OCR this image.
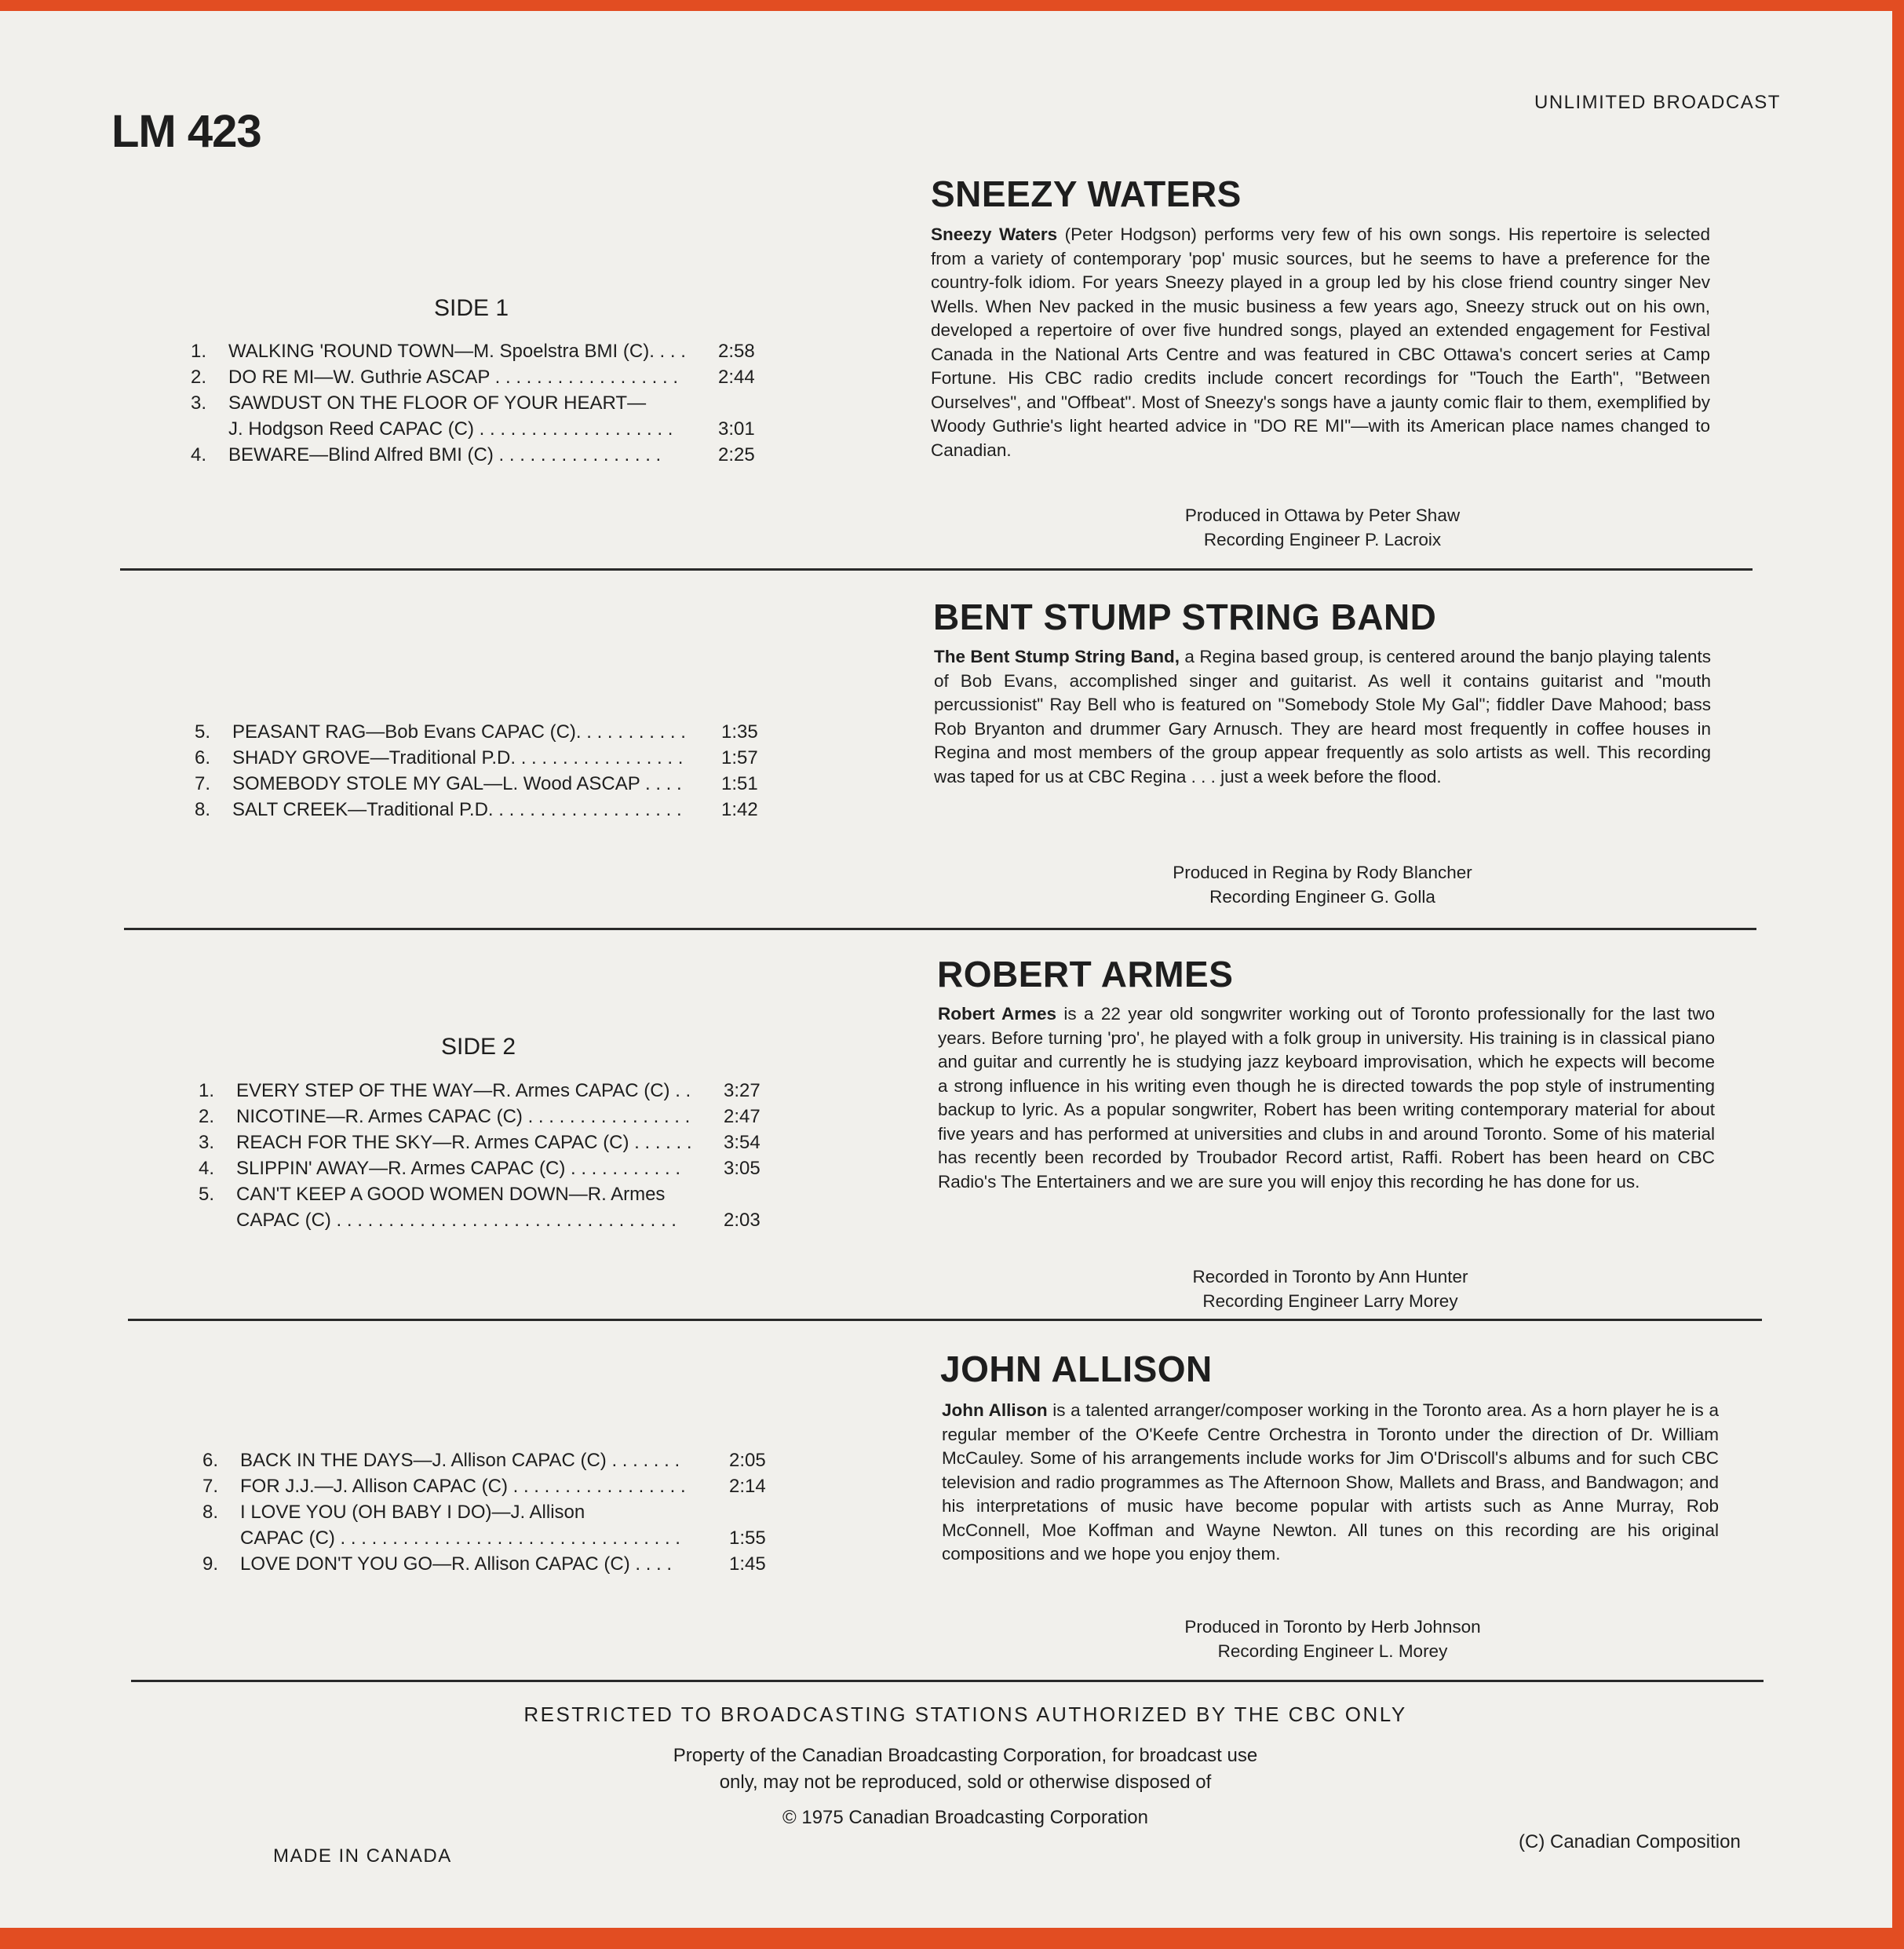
LM 423
UNLIMITED BROADCAST
SIDE 1
1. WALKING 'ROUND TOWN—M. Spoelstra BMI (C). . . . 2:58
2. DO RE MI—W. Guthrie ASCAP . . . . . . . . . . . . . . . . . . 2:44
3. SAWDUST ON THE FLOOR OF YOUR HEART—
J. Hodgson Reed CAPAC (C) . . . . . . . . . . . . . . . . . . . 3:01
4. BEWARE—Blind Alfred BMI (C) . . . . . . . . . . . . . . . .	2:25
5. PEASANT RAG—Bob Evans CAPAC (C). . . . . . . . . . . 1:35
6. SHADY GROVE—Traditional P.D. . . . . . . . . . . . . . . . . 1:57
7. SOMEBODY STOLE MY GAL—L. Wood ASCAP . . . . 1:51
8. SALT CREEK—Traditional P.D. . . . . . . . . . . . . . . . . . . 1:42
SIDE 2
1. EVERY STEP OF THE WAY—R. Armes CAPAC (C) . . 3:27
2. NICOTINE—R. Armes CAPAC (C) . . . . . . . . . . . . . . . . 2:47
3. REACH FOR THE SKY—R. Armes CAPAC (C) . . . . . . 3:54
4. SLIPPIN' AWAY—R. Armes CAPAC (C) . . . . . . . . . . . 3:05
5. CAN'T KEEP A GOOD WOMEN DOWN—R. Armes
CAPAC (C) . . . . . . . . . . . . . . . . . . . . . . . . . . . . . . . . .	2:03
6. BACK IN THE DAYS—J. Allison CAPAC (C) . . . . . . .	2:05
7. FOR J.J.—J. Allison CAPAC (C) . . . . . . . . . . . . . . . . . 2:14
8. I LOVE YOU (OH BABY I DO)—J. Allison
CAPAC (C) . . . . . . . . . . . . . . . . . . . . . . . . . . . . . . . . .	1:55
9. LOVE DON'T YOU GO—R. Allison CAPAC (C) . . . .	1:45
SNEEZY WATERS
Sneezy Waters (Peter Hodgson) performs very few of his own songs. His repertoire is selected from a variety of contemporary 'pop' music sources, but he seems to have a preference for the country-folk idiom. For years Sneezy played in a group led by his close friend country singer Nev Wells. When Nev packed in the music business a few years ago, Sneezy struck out on his own, developed a repertoire of over five hundred songs, played an extended engagement for Festival Canada in the National Arts Centre and was featured in CBC Ottawa's concert series at Camp Fortune. His CBC radio credits include concert recordings for "Touch the Earth", "Between Ourselves", and "Offbeat". Most of Sneezy's songs have a jaunty comic flair to them, exemplified by Woody Guthrie's light hearted advice in "DO RE MI"—with its American place names changed to Canadian.
Produced in Ottawa by Peter Shaw
Recording Engineer P. Lacroix
BENT STUMP STRING BAND
The Bent Stump String Band, a Regina based group, is centered around the banjo playing talents of Bob Evans, accomplished singer and guitarist. As well it contains guitarist and "mouth percussionist" Ray Bell who is featured on "Somebody Stole My Gal"; fiddler Dave Mahood; bass Rob Bryanton and drummer Gary Arnusch. They are heard most frequently in coffee houses in Regina and most members of the group appear frequently as solo artists as well. This recording was taped for us at CBC Regina . . . just a week before the flood.
Produced in Regina by Rody Blancher
Recording Engineer G. Golla
ROBERT ARMES
Robert Armes is a 22 year old songwriter working out of Toronto professionally for the last two years. Before turning 'pro', he played with a folk group in university. His training is in classical piano and guitar and currently he is studying jazz keyboard improvisation, which he expects will become a strong influence in his writing even though he is directed towards the pop style of instrumenting backup to lyric. As a popular songwriter, Robert has been writing contemporary material for about five years and has performed at universities and clubs in and around Toronto. Some of his material has recently been recorded by Troubador Record artist, Raffi. Robert has been heard on CBC Radio's The Entertainers and we are sure you will enjoy this recording he has done for us.
Recorded in Toronto by Ann Hunter
Recording Engineer Larry Morey
JOHN ALLISON
John Allison is a talented arranger/composer working in the Toronto area. As a horn player he is a regular member of the O'Keefe Centre Orchestra in Toronto under the direction of Dr. William McCauley. Some of his arrangements include works for Jim O'Driscoll's albums and for such CBC television and radio programmes as The Afternoon Show, Mallets and Brass, and Bandwagon; and his interpretations of music have become popular with artists such as Anne Murray, Rob McConnell, Moe Koffman and Wayne Newton. All tunes on this recording are his original compositions and we hope you enjoy them.
Produced in Toronto by Herb Johnson
Recording Engineer L. Morey
RESTRICTED TO BROADCASTING STATIONS AUTHORIZED BY THE CBC ONLY
Property of the Canadian Broadcasting Corporation, for broadcast use
only, may not be reproduced, sold or otherwise disposed of
© 1975 Canadian Broadcasting Corporation
MADE IN CANADA
(C) Canadian Composition
